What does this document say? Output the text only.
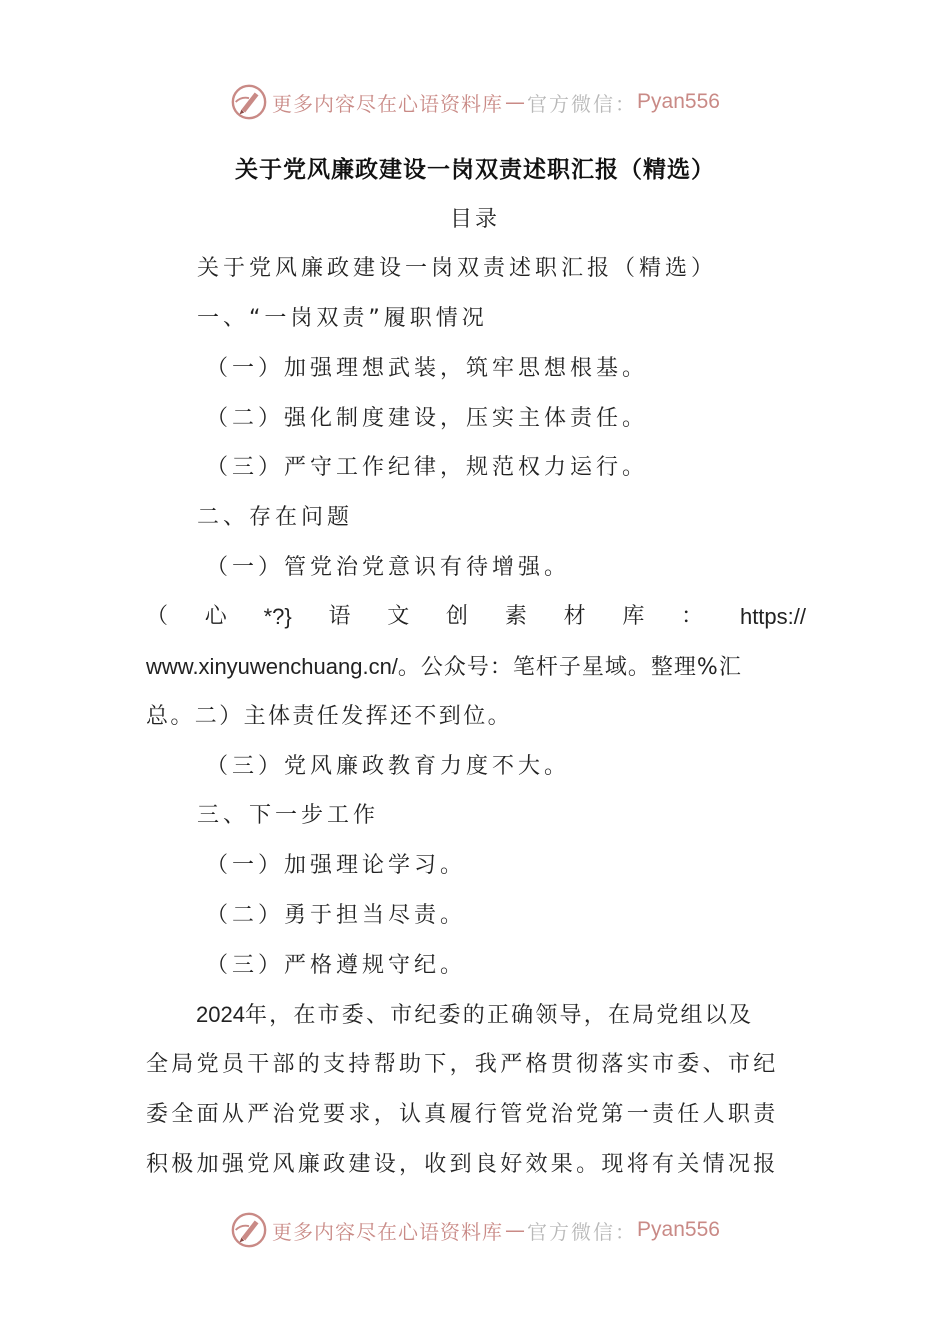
更多内容尽在心语资料库 — 官方微信： Pyan556
关于党风廉政建设一岗双责述职汇报（精选）
目录
关于党风廉政建设一岗双责述职汇报（精选）
一、“一岗双责”履职情况
（一）加强理想武装，筑牢思想根基。
（二）强化制度建设，压实主体责任。
（三）严守工作纪律，规范权力运行。
二、存在问题
（一）管党治党意识有待增强。
（ 心 *?} 语 文 创 素 材 库 ： https://
www.xinyuwenchuang.cn/。公众号：笔杆子星域。整理%汇
总。二）主体责任发挥还不到位。
（三）党风廉政教育力度不大。
三、下一步工作
（一）加强理论学习。
（二）勇于担当尽责。
（三）严格遵规守纪。
2024年，在市委、市纪委的正确领导，在局党组以及
全局党员干部的支持帮助下，我严格贯彻落实市委、市纪
委全面从严治党要求，认真履行管党治党第一责任人职责
积极加强党风廉政建设，收到良好效果。现将有关情况报
更多内容尽在心语资料库 — 官方微信： Pyan556
